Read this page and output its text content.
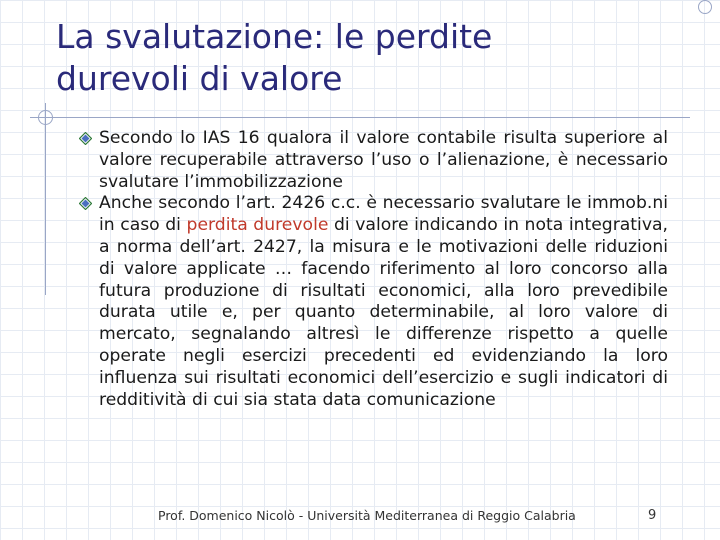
La svalutazione: le perdite
durevoli di valore
Secondo lo IAS 16 qualora il valore contabile risulta superiore al valore recuperabile attraverso l’uso o l’alienazione, è necessario svalutare l’immobilizzazione
Anche secondo l’art. 2426 c.c. è necessario svalutare le immob.ni in caso di perdita durevole di valore indicando in nota integrativa, a norma dell’art. 2427, la misura e le motivazioni delle riduzioni di valore applicate … facendo riferimento al loro concorso alla futura produzione di risultati economici, alla loro prevedibile durata utile e, per quanto determinabile, al loro valore di mercato, segnalando altresì le differenze rispetto a quelle operate negli esercizi precedenti ed evidenziando la loro influenza sui risultati economici dell’esercizio e sugli indicatori di redditività di cui sia stata data comunicazione
Prof. Domenico Nicolò - Università Mediterranea di Reggio Calabria	9
